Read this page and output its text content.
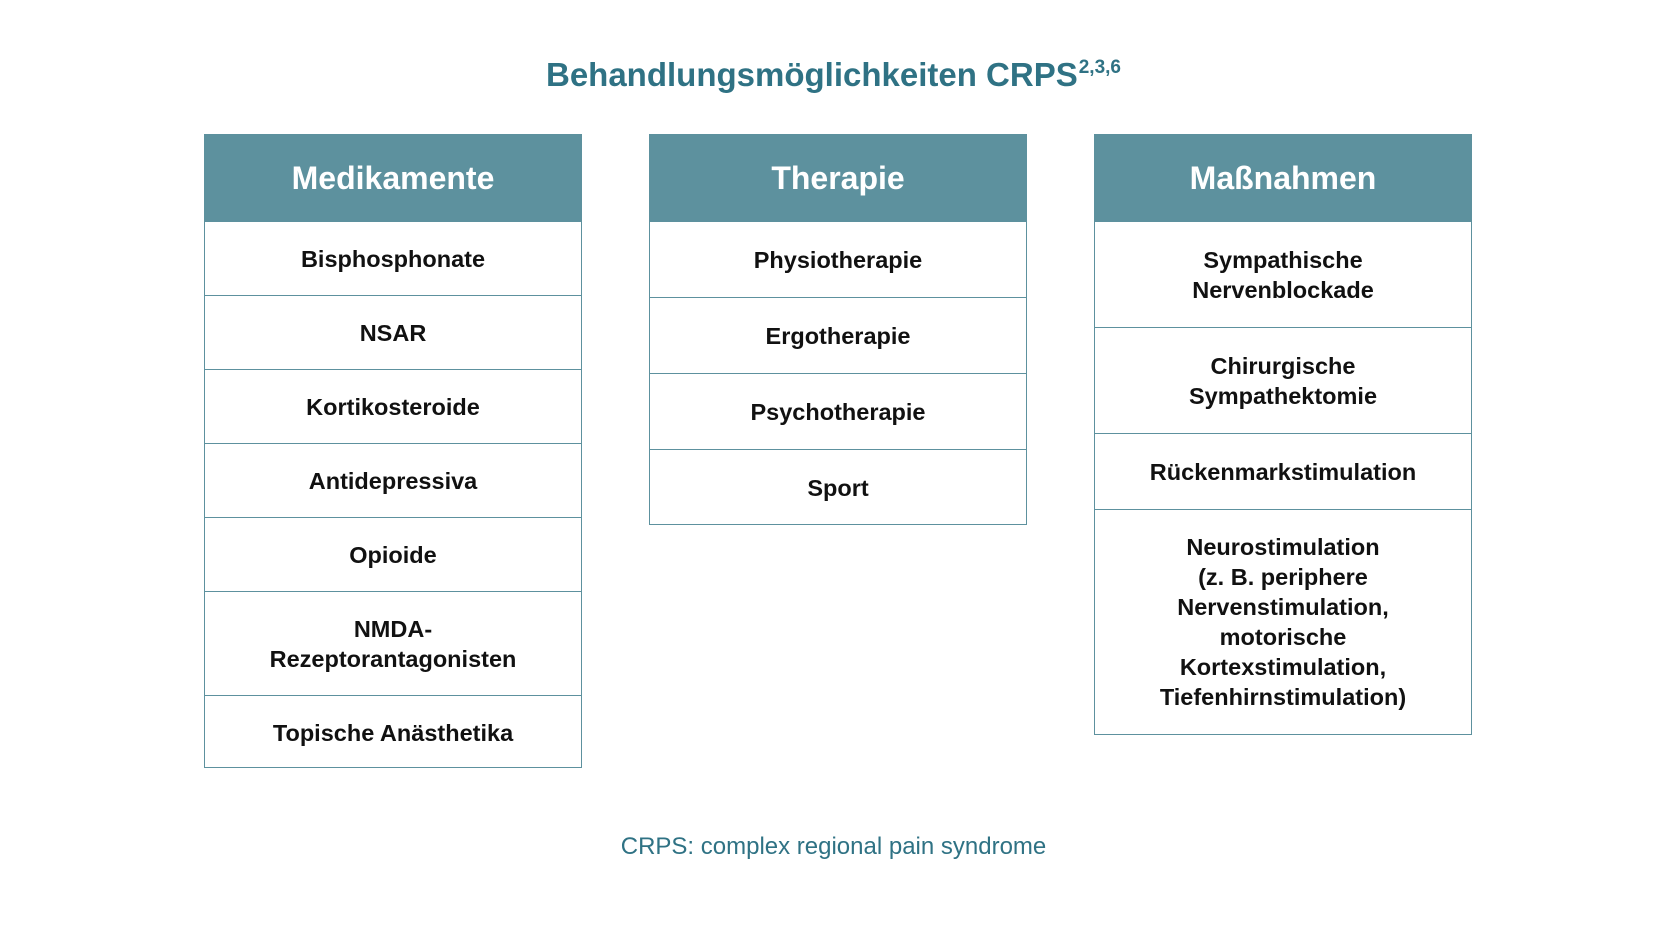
Behandlungsmöglichkeiten CRPS$^{2,3,6}$
Medikamente
Bisphosphonate
NSAR
Kortikosteroide
Antidepressiva
Opioide
NMDA-
Rezeptorantagonisten
Topische Anästhetika
Therapie
Physiotherapie
Ergotherapie
Psychotherapie
Sport
Maßnahmen
Sympathische
Nervenblockade
Chirurgische
Sympathektomie
Rückenmarkstimulation
Neurostimulation
(z. B. periphere
Nervenstimulation,
motorische
Kortexstimulation,
Tiefenhirnstimulation)
CRPS: complex regional pain syndrome
